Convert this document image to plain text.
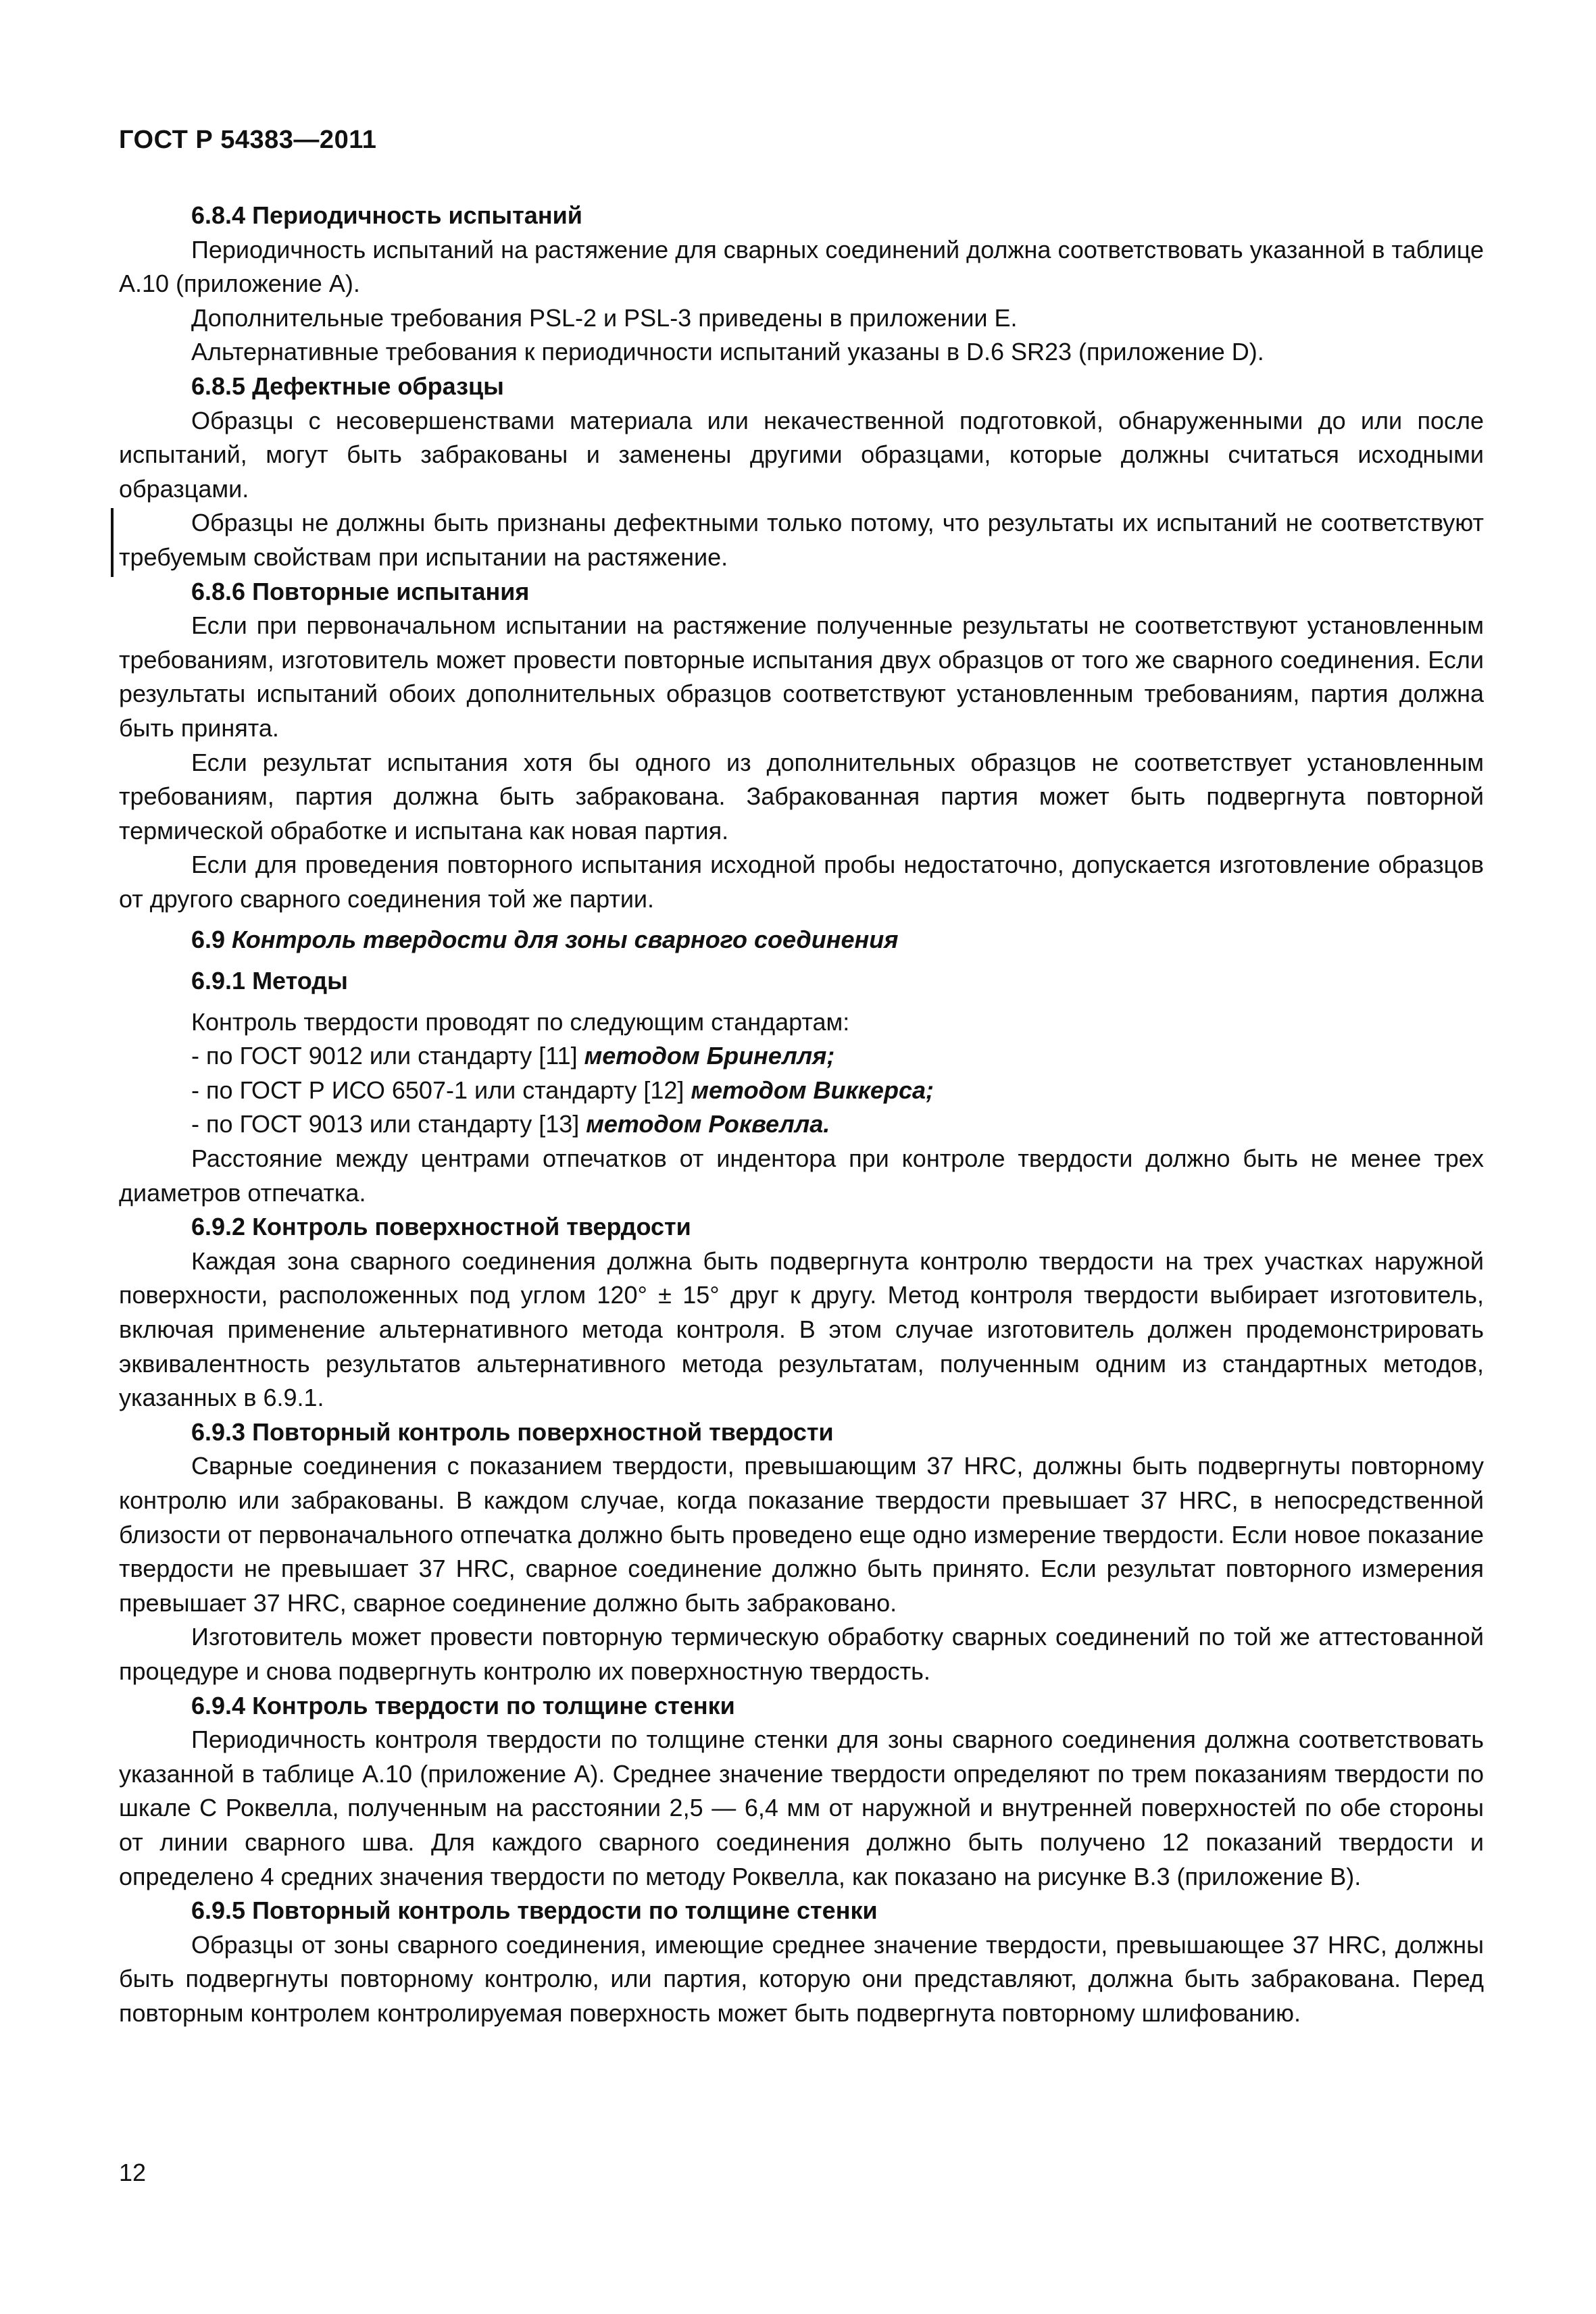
ГОСТ Р 54383—2011
6.8.4 Периодичность испытаний

Периодичность испытаний на растяжение для сварных соединений должна соответствовать указанной в таблице А.10 (приложение А).

Дополнительные требования PSL-2 и PSL-3 приведены в приложении Е.

Альтернативные требования к периодичности испытаний указаны в D.6 SR23 (приложение D).

6.8.5 Дефектные образцы

Образцы с несовершенствами материала или некачественной подготовкой, обнаруженными до или после испытаний, могут быть забракованы и заменены другими образцами, которые должны считаться исходными образцами.

Образцы не должны быть признаны дефектными только потому, что результаты их испытаний не соответствуют требуемым свойствам при испытании на растяжение.

6.8.6 Повторные испытания

Если при первоначальном испытании на растяжение полученные результаты не соответствуют установленным требованиям, изготовитель может провести повторные испытания двух образцов от того же сварного соединения. Если результаты испытаний обоих дополнительных образцов соответствуют установленным требованиям, партия должна быть принята.

Если результат испытания хотя бы одного из дополнительных образцов не соответствует установленным требованиям, партия должна быть забракована. Забракованная партия может быть подвергнута повторной термической обработке и испытана как новая партия.

Если для проведения повторного испытания исходной пробы недостаточно, допускается изготовление образцов от другого сварного соединения той же партии.

6.9 Контроль твердости для зоны сварного соединения
6.9.1 Методы

Контроль твердости проводят по следующим стандартам:

- по ГОСТ 9012 или стандарту [11] методом Бринелля;

- по ГОСТ Р ИСО 6507-1 или стандарту [12] методом Виккерса;

- по ГОСТ 9013 или стандарту [13] методом Роквелла.

Расстояние между центрами отпечатков от индентора при контроле твердости должно быть не менее трех диаметров отпечатка.

6.9.2 Контроль поверхностной твердости

Каждая зона сварного соединения должна быть подвергнута контролю твердости на трех участках наружной поверхности, расположенных под углом 120° ± 15° друг к другу. Метод контроля твердости выбирает изготовитель, включая применение альтернативного метода контроля. В этом случае изготовитель должен продемонстрировать эквивалентность результатов альтернативного метода результатам, полученным одним из стандартных методов, указанных в 6.9.1.

6.9.3 Повторный контроль поверхностной твердости

Сварные соединения с показанием твердости, превышающим 37 HRC, должны быть подвергнуты повторному контролю или забракованы. В каждом случае, когда показание твердости превышает 37 HRC, в непосредственной близости от первоначального отпечатка должно быть проведено еще одно измерение твердости. Если новое показание твердости не превышает 37 HRC, сварное соединение должно быть принято. Если результат повторного измерения превышает 37 HRC, сварное соединение должно быть забраковано.

Изготовитель может провести повторную термическую обработку сварных соединений по той же аттестованной процедуре и снова подвергнуть контролю их поверхностную твердость.

6.9.4 Контроль твердости по толщине стенки

Периодичность контроля твердости по толщине стенки для зоны сварного соединения должна соответствовать указанной в таблице А.10 (приложение А). Среднее значение твердости определяют по трем показаниям твердости по шкале С Роквелла, полученным на расстоянии 2,5 — 6,4 мм от наружной и внутренней поверхностей по обе стороны от линии сварного шва. Для каждого сварного соединения должно быть получено 12 показаний твердости и определено 4 средних значения твердости по методу Роквелла, как показано на рисунке В.3 (приложение В).

6.9.5 Повторный контроль твердости по толщине стенки

Образцы от зоны сварного соединения, имеющие среднее значение твердости, превышающее 37 HRC, должны быть подвергнуты повторному контролю, или партия, которую они представляют, должна быть забракована. Перед повторным контролем контролируемая поверхность может быть подвергнута повторному шлифованию.

12
